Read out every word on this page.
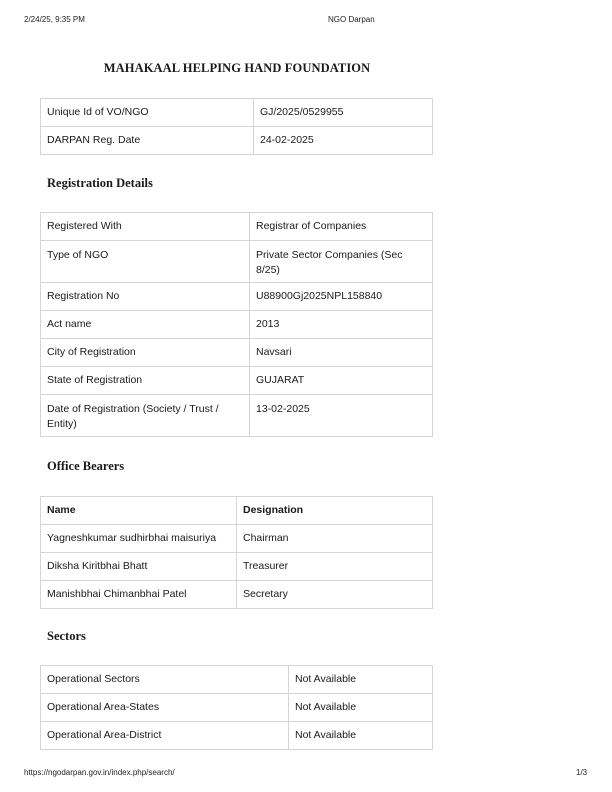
2/24/25, 9:35 PM	NGO Darpan
MAHAKAAL HELPING HAND FOUNDATION
Unique Id of VO/NGO	GJ/2025/0529955
DARPAN Reg. Date	24-02-2025
Registration Details
Registered With	Registrar of Companies
Type of NGO	Private Sector Companies (Sec 8/25)
Registration No	U88900Gj2025NPL158840
Act name	2013
City of Registration	Navsari
State of Registration	GUJARAT
Date of Registration (Society / Trust / Entity)	13-02-2025
Office Bearers
Name	Designation
Yagneshkumar sudhirbhai maisuriya	Chairman
Diksha Kiritbhai Bhatt	Treasurer
Manishbhai Chimanbhai Patel	Secretary
Sectors
Operational Sectors	Not Available
Operational Area-States	Not Available
Operational Area-District	Not Available
https://ngodarpan.gov.in/index.php/search/	1/3
